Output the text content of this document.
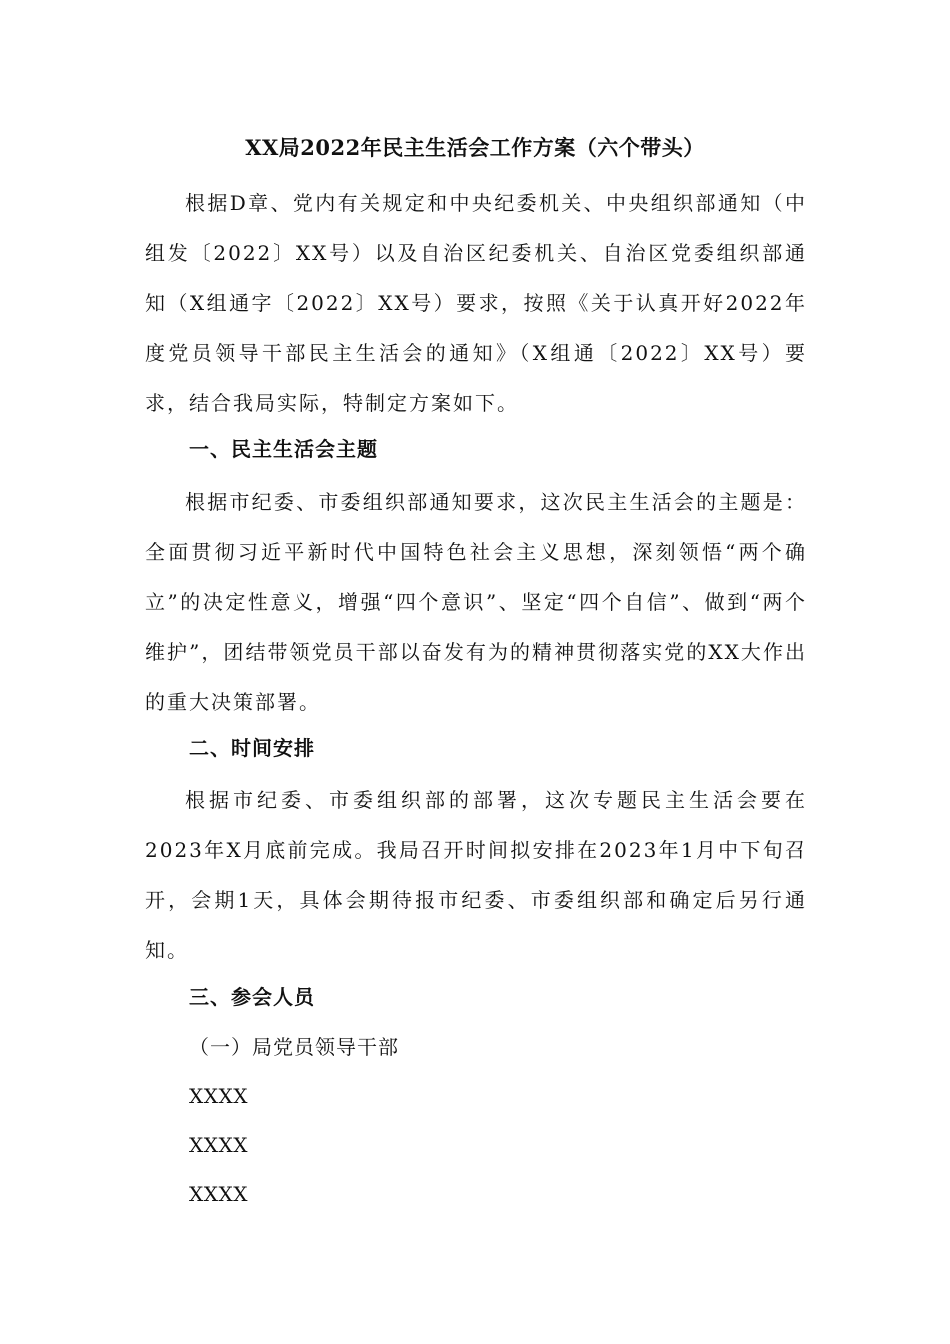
XX局2022年民主生活会工作方案（六个带头）
根据D章、党内有关规定和中央纪委机关、中央组织部通知（中组发〔2022〕XX号）以及自治区纪委机关、自治区党委组织部通知（X组通字〔2022〕XX号）要求，按照《关于认真开好2022年度党员领导干部民主生活会的通知》（X组通〔2022〕XX号）要求，结合我局实际，特制定方案如下。
一、民主生活会主题
根据市纪委、市委组织部通知要求，这次民主生活会的主题是：全面贯彻习近平新时代中国特色社会主义思想，深刻领悟“两个确立”的决定性意义，增强“四个意识”、坚定“四个自信”、做到“两个维护”，团结带领党员干部以奋发有为的精神贯彻落实党的XX大作出的重大决策部署。
二、时间安排
根据市纪委、市委组织部的部署，这次专题民主生活会要在2023年X月底前完成。我局召开时间拟安排在2023年1月中下旬召开，会期1天，具体会期待报市纪委、市委组织部和确定后另行通知。
三、参会人员
（一）局党员领导干部
XXXX
XXXX
XXXX
